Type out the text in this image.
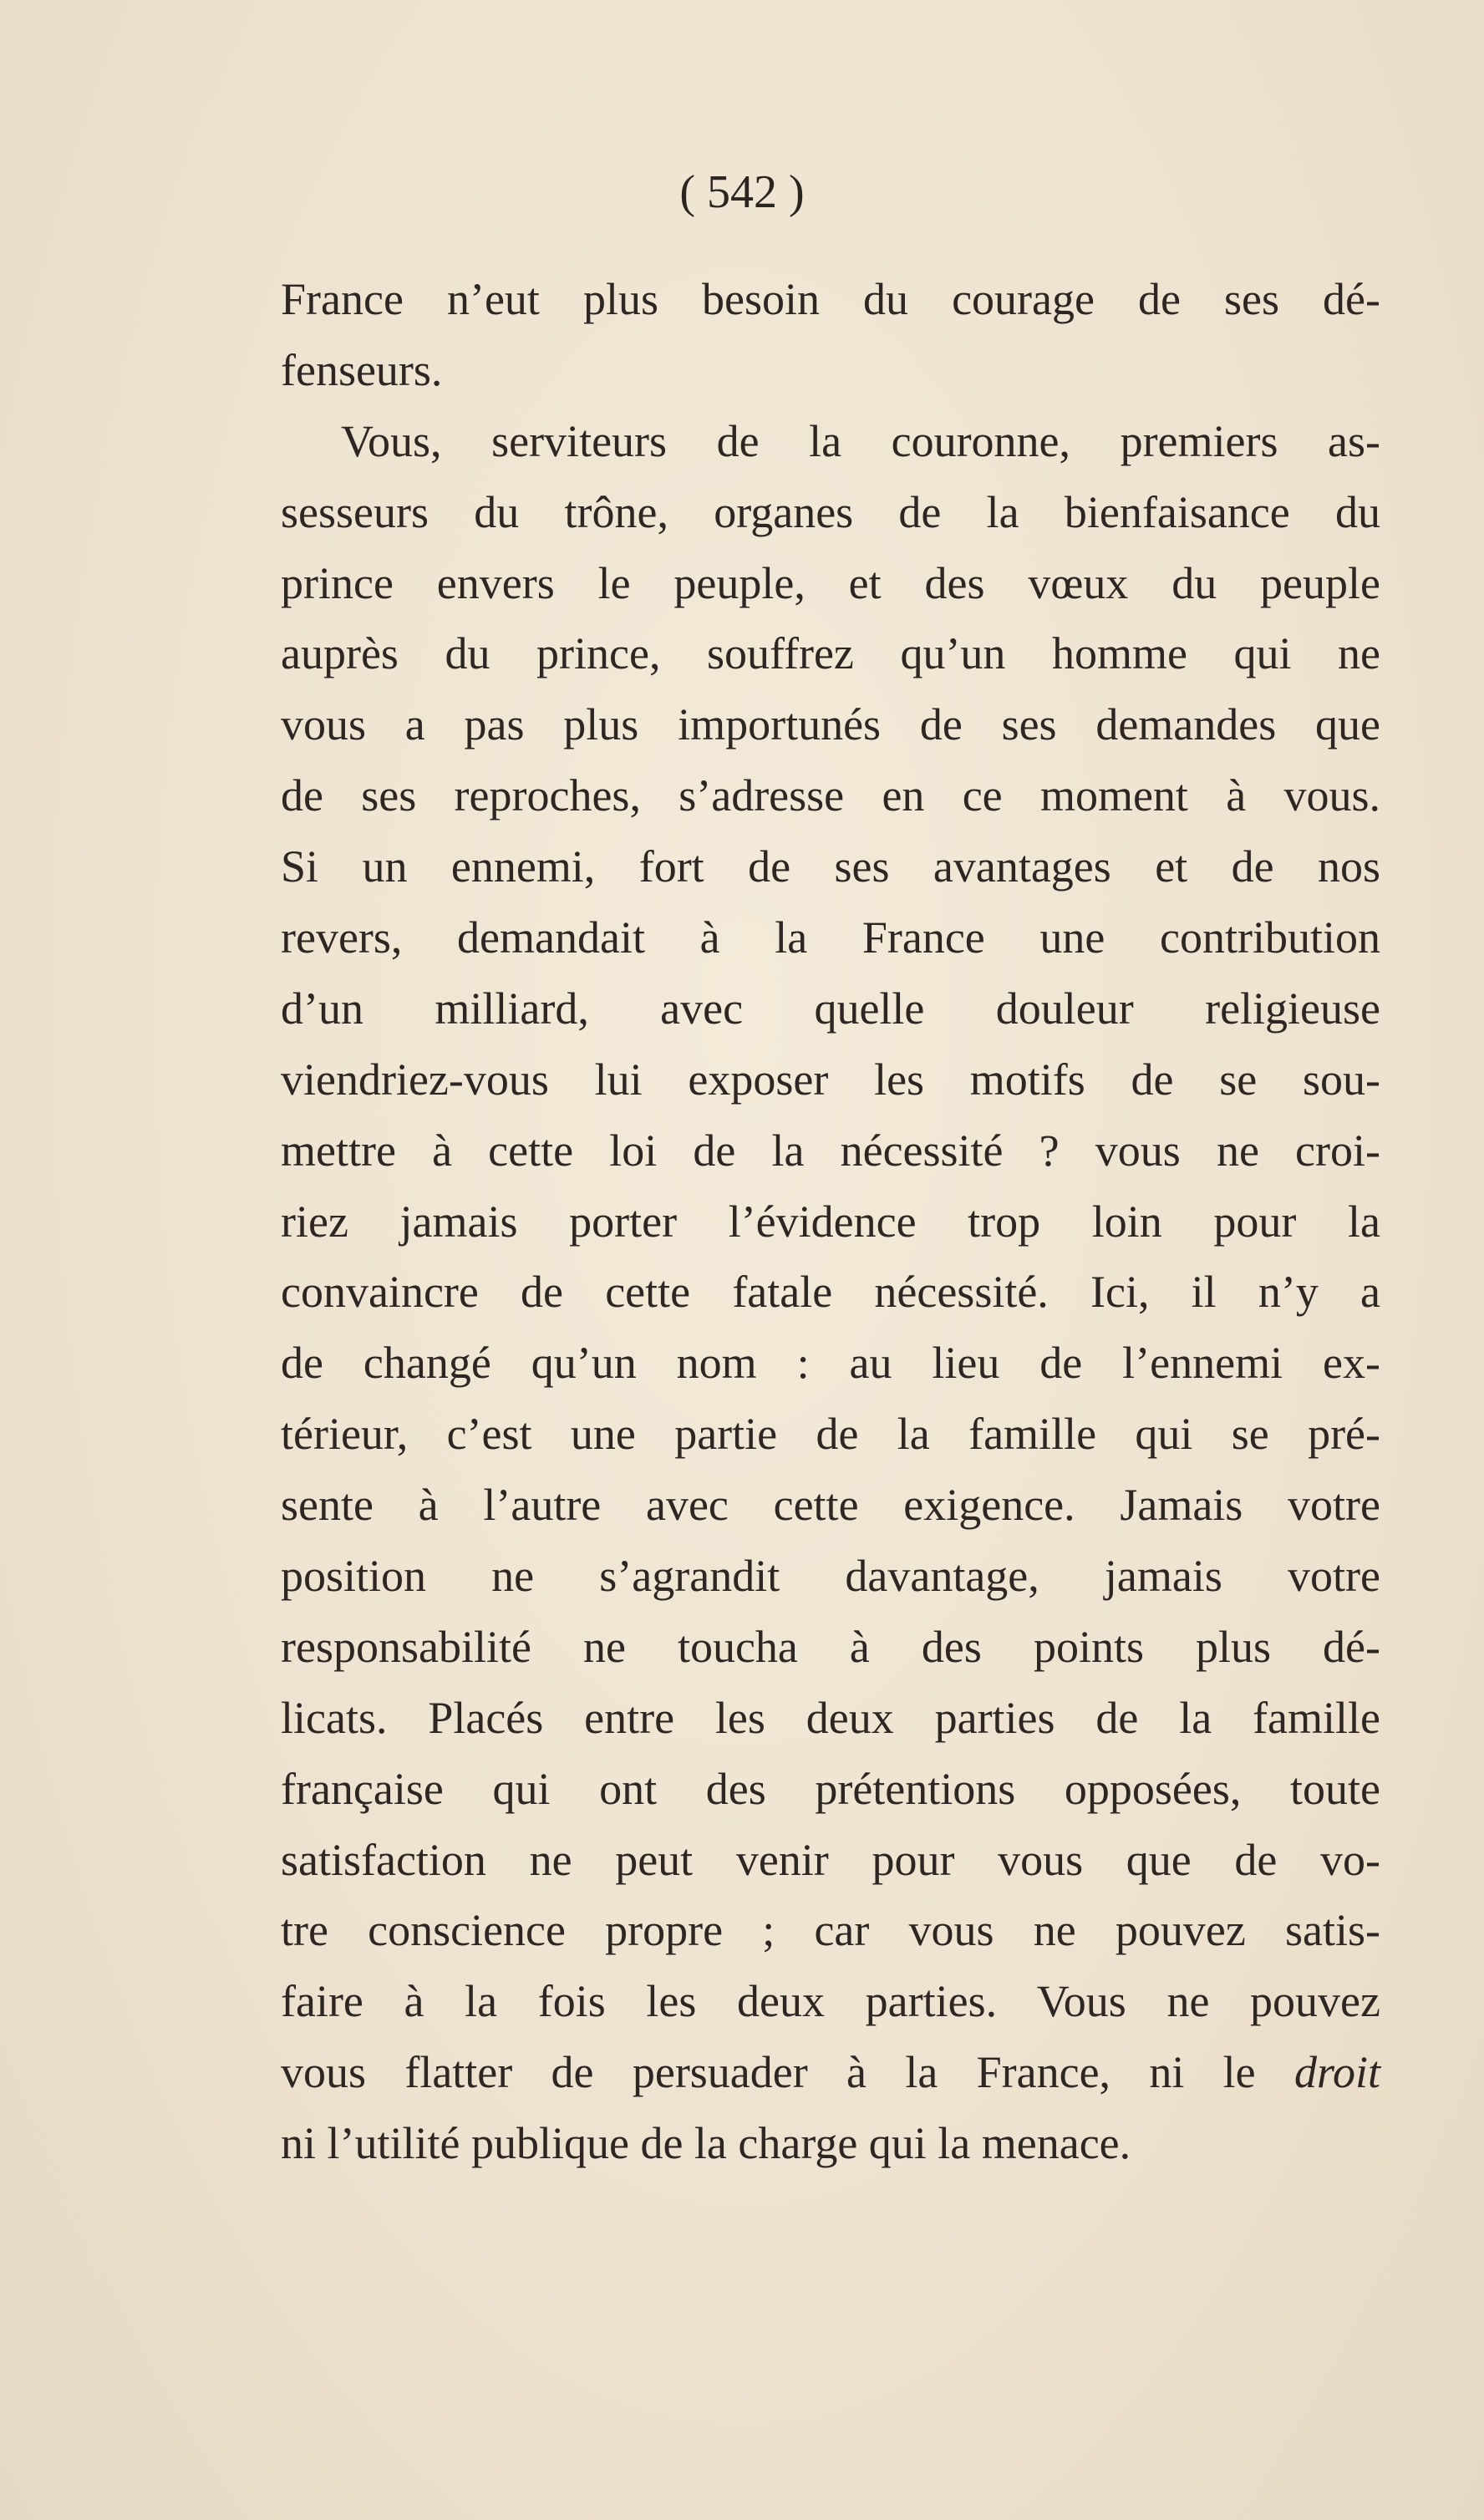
( 542 )
France n’eut plus besoin du courage de ses dé-
fenseurs.
Vous, serviteurs de la couronne, premiers as-
sesseurs du trône, organes de la bienfaisance du
prince envers le peuple, et des vœux du peuple
auprès du prince, souffrez qu’un homme qui ne
vous a pas plus importunés de ses demandes que
de ses reproches, s’adresse en ce moment à vous.
Si un ennemi, fort de ses avantages et de nos
revers, demandait à la France une contribution
d’un milliard, avec quelle douleur religieuse
viendriez-vous lui exposer les motifs de se sou-
mettre à cette loi de la nécessité ? vous ne croi-
riez jamais porter l’évidence trop loin pour la
convaincre de cette fatale nécessité. Ici, il n’y a
de changé qu’un nom : au lieu de l’ennemi ex-
térieur, c’est une partie de la famille qui se pré-
sente à l’autre avec cette exigence. Jamais votre
position ne s’agrandit davantage, jamais votre
responsabilité ne toucha à des points plus dé-
licats. Placés entre les deux parties de la famille
française qui ont des prétentions opposées, toute
satisfaction ne peut venir pour vous que de vo-
tre conscience propre ; car vous ne pouvez satis-
faire à la fois les deux parties. Vous ne pouvez
vous flatter de persuader à la France, ni le droit
ni l’utilité publique de la charge qui la menace.
